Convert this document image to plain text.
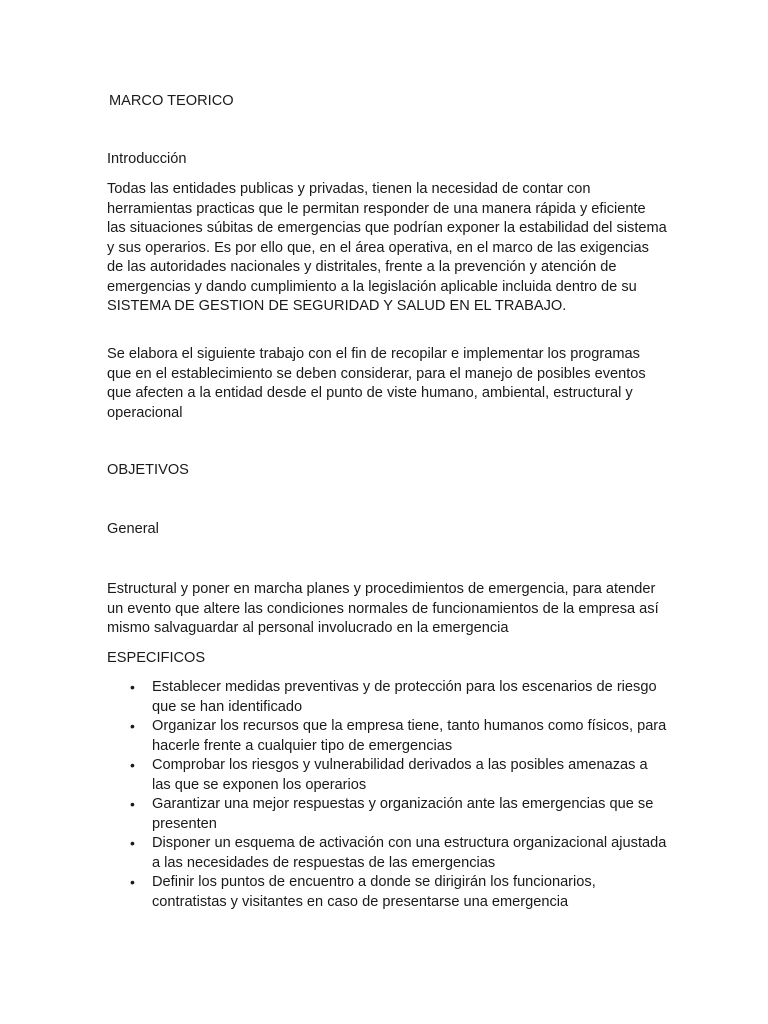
MARCO TEORICO

Introducción

Todas las entidades publicas y privadas, tienen la necesidad de contar con herramientas practicas que le permitan responder de una manera rápida y eficiente las situaciones súbitas de emergencias que podrían exponer la estabilidad del sistema y sus operarios. Es por ello que, en el área operativa, en el marco de las exigencias de las autoridades nacionales y distritales, frente a la prevención y atención de emergencias y dando cumplimiento a la legislación aplicable incluida dentro de su SISTEMA DE GESTION DE SEGURIDAD Y SALUD EN EL TRABAJO.

Se elabora el siguiente trabajo con el fin de recopilar e implementar los programas que en el establecimiento se deben considerar, para el manejo de posibles eventos que afecten a la entidad desde el punto de viste humano, ambiental, estructural y operacional

OBJETIVOS

General

Estructural y poner en marcha planes y procedimientos de emergencia, para atender un evento que altere las condiciones normales de funcionamientos de la empresa así mismo salvaguardar al personal involucrado en la emergencia

ESPECIFICOS

• Establecer medidas preventivas y de protección para los escenarios de riesgo que se han identificado
• Organizar los recursos que la empresa tiene, tanto humanos como físicos, para hacerle frente a cualquier tipo de emergencias
• Comprobar los riesgos y vulnerabilidad derivados a las posibles amenazas a las que se exponen los operarios
• Garantizar una mejor respuestas y organización ante las emergencias que se presenten
• Disponer un esquema de activación con una estructura organizacional ajustada a las necesidades de respuestas de las emergencias
• Definir los puntos de encuentro a donde se dirigirán los funcionarios, contratistas y visitantes en caso de presentarse una emergencia
